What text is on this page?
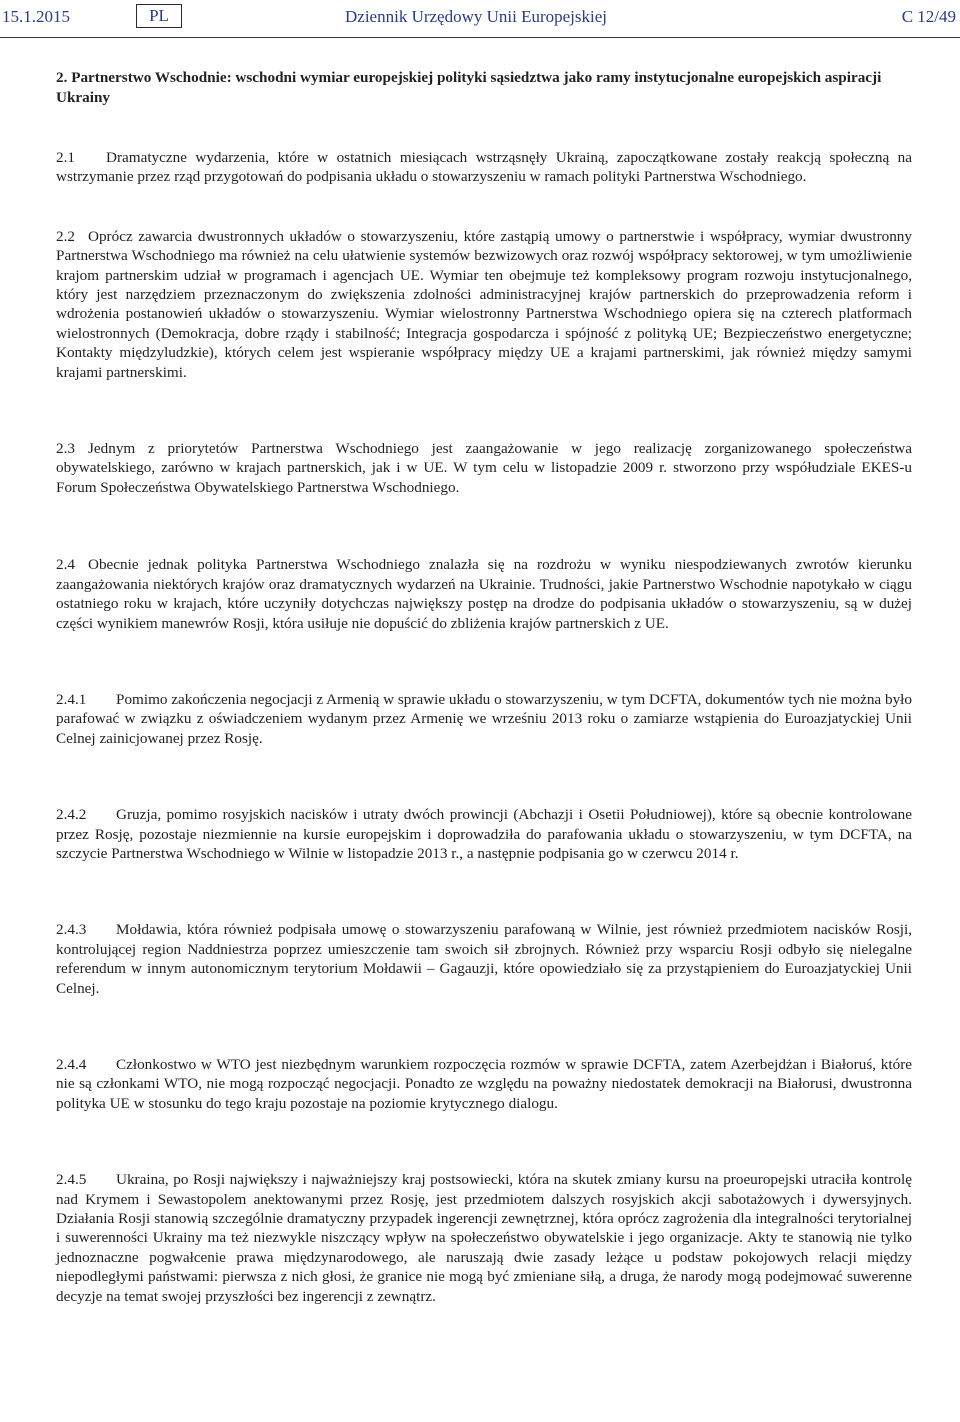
15.1.2015	PL	Dziennik Urzędowy Unii Europejskiej	C 12/49
2. Partnerstwo Wschodnie: wschodni wymiar europejskiej polityki sąsiedztwa jako ramy instytucjonalne europejskich aspiracji Ukrainy

2.1 Dramatyczne wydarzenia, które w ostatnich miesiącach wstrząsnęły Ukrainą, zapoczątkowane zostały reakcją społeczną na wstrzymanie przez rząd przygotowań do podpisania układu o stowarzyszeniu w ramach polityki Partnerstwa Wschodniego.

2.2 Oprócz zawarcia dwustronnych układów o stowarzyszeniu, które zastąpią umowy o partnerstwie i współpracy, wymiar dwustronny Partnerstwa Wschodniego ma również na celu ułatwienie systemów bezwizowych oraz rozwój współpracy sektorowej, w tym umożliwienie krajom partnerskim udział w programach i agencjach UE. Wymiar ten obejmuje też kompleksowy program rozwoju instytucjonalnego, który jest narzędziem przeznaczonym do zwiększenia zdolności administracyjnej krajów partnerskich do przeprowadzenia reform i wdrożenia postanowień układów o stowarzyszeniu. Wymiar wielostronny Partnerstwa Wschodniego opiera się na czterech platformach wielostronnych (Demokracja, dobre rządy i stabilność; Integracja gospodarcza i spójność z polityką UE; Bezpieczeństwo energetyczne; Kontakty międzyludzkie), których celem jest wspieranie współpracy między UE a krajami partnerskimi, jak również między samymi krajami partnerskimi.

2.3 Jednym z priorytetów Partnerstwa Wschodniego jest zaangażowanie w jego realizację zorganizowanego społeczeństwa obywatelskiego, zarówno w krajach partnerskich, jak i w UE. W tym celu w listopadzie 2009 r. stworzono przy współudziale EKES-u Forum Społeczeństwa Obywatelskiego Partnerstwa Wschodniego.

2.4 Obecnie jednak polityka Partnerstwa Wschodniego znalazła się na rozdrożu w wyniku niespodziewanych zwrotów kierunku zaangażowania niektórych krajów oraz dramatycznych wydarzeń na Ukrainie. Trudności, jakie Partnerstwo Wschodnie napotykało w ciągu ostatniego roku w krajach, które uczyniły dotychczas największy postęp na drodze do podpisania układów o stowarzyszeniu, są w dużej części wynikiem manewrów Rosji, która usiłuje nie dopuścić do zbliżenia krajów partnerskich z UE.

2.4.1 Pomimo zakończenia negocjacji z Armenią w sprawie układu o stowarzyszeniu, w tym DCFTA, dokumentów tych nie można było parafować w związku z oświadczeniem wydanym przez Armenię we wrześniu 2013 roku o zamiarze wstąpienia do Euroazjatyckiej Unii Celnej zainicjowanej przez Rosję.

2.4.2 Gruzja, pomimo rosyjskich nacisków i utraty dwóch prowincji (Abchazji i Osetii Południowej), które są obecnie kontrolowane przez Rosję, pozostaje niezmiennie na kursie europejskim i doprowadziła do parafowania układu o stowarzyszeniu, w tym DCFTA, na szczycie Partnerstwa Wschodniego w Wilnie w listopadzie 2013 r., a następnie podpisania go w czerwcu 2014 r.

2.4.3 Mołdawia, która również podpisała umowę o stowarzyszeniu parafowaną w Wilnie, jest również przedmiotem nacisków Rosji, kontrolującej region Naddniestrza poprzez umieszczenie tam swoich sił zbrojnych. Również przy wsparciu Rosji odbyło się nielegalne referendum w innym autonomicznym terytorium Mołdawii – Gagauzji, które opowiedziało się za przystąpieniem do Euroazjatyckiej Unii Celnej.

2.4.4 Członkostwo w WTO jest niezbędnym warunkiem rozpoczęcia rozmów w sprawie DCFTA, zatem Azerbejdżan i Białoruś, które nie są członkami WTO, nie mogą rozpocząć negocjacji. Ponadto ze względu na poważny niedostatek demokracji na Białorusi, dwustronna polityka UE w stosunku do tego kraju pozostaje na poziomie krytycznego dialogu.

2.4.5 Ukraina, po Rosji największy i najważniejszy kraj postsowiecki, która na skutek zmiany kursu na proeuropejski utraciła kontrolę nad Krymem i Sewastopolem anektowanymi przez Rosję, jest przedmiotem dalszych rosyjskich akcji sabotażowych i dywersyjnych. Działania Rosji stanowią szczególnie dramatyczny przypadek ingerencji zewnętrznej, która oprócz zagrożenia dla integralności terytorialnej i suwerenności Ukrainy ma też niezwykle niszczący wpływ na społeczeństwo obywatelskie i jego organizacje. Akty te stanowią nie tylko jednoznaczne pogwałcenie prawa międzynarodowego, ale naruszają dwie zasady leżące u podstaw pokojowych relacji między niepodległymi państwami: pierwsza z nich głosi, że granice nie mogą być zmieniane siłą, a druga, że narody mogą podejmować suwerenne decyzje na temat swojej przyszłości bez ingerencji z zewnątrz.
